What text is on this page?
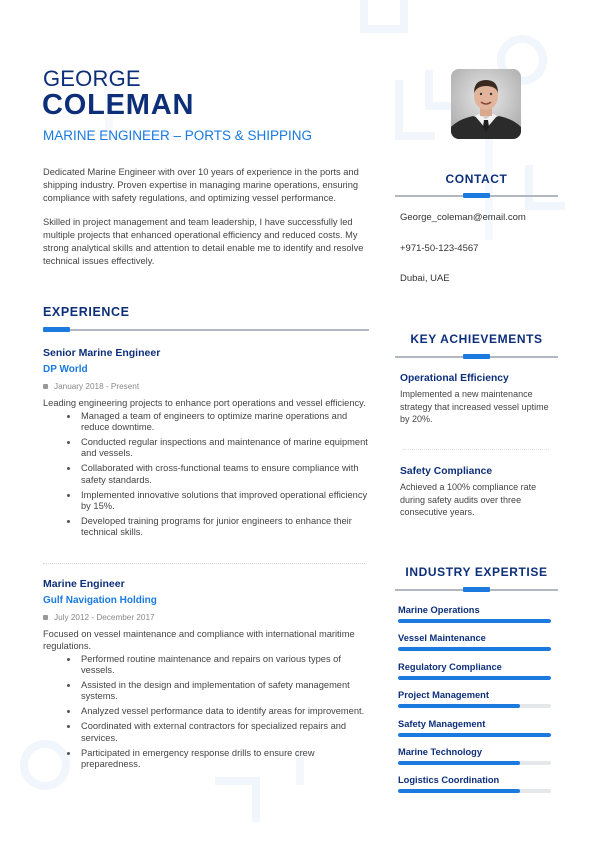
GEORGE
COLEMAN
MARINE ENGINEER – PORTS & SHIPPING

Dedicated Marine Engineer with over 10 years of experience in the ports and shipping industry. Proven expertise in managing marine operations, ensuring compliance with safety regulations, and optimizing vessel performance.

Skilled in project management and team leadership, I have successfully led multiple projects that enhanced operational efficiency and reduced costs. My strong analytical skills and attention to detail enable me to identify and resolve technical issues effectively.

EXPERIENCE
Senior Marine Engineer
DP World
January 2018 - Present
Leading engineering projects to enhance port operations and vessel efficiency.
Managed a team of engineers to optimize marine operations and reduce downtime.
Conducted regular inspections and maintenance of marine equipment and vessels.
Collaborated with cross-functional teams to ensure compliance with safety standards.
Implemented innovative solutions that improved operational efficiency by 15%.
Developed training programs for junior engineers to enhance their technical skills.
Marine Engineer
Gulf Navigation Holding
July 2012 - December 2017
Focused on vessel maintenance and compliance with international maritime regulations.
Performed routine maintenance and repairs on various types of vessels.
Assisted in the design and implementation of safety management systems.
Analyzed vessel performance data to identify areas for improvement.
Coordinated with external contractors for specialized repairs and services.
Participated in emergency response drills to ensure crew preparedness.
CONTACT
George_coleman@email.com
+971-50-123-4567
Dubai, UAE
KEY ACHIEVEMENTS
Operational Efficiency
Implemented a new maintenance strategy that increased vessel uptime by 20%.
Safety Compliance
Achieved a 100% compliance rate during safety audits over three consecutive years.
INDUSTRY EXPERTISE
Marine Operations
Vessel Maintenance
Regulatory Compliance
Project Management
Safety Management
Marine Technology
Logistics Coordination
